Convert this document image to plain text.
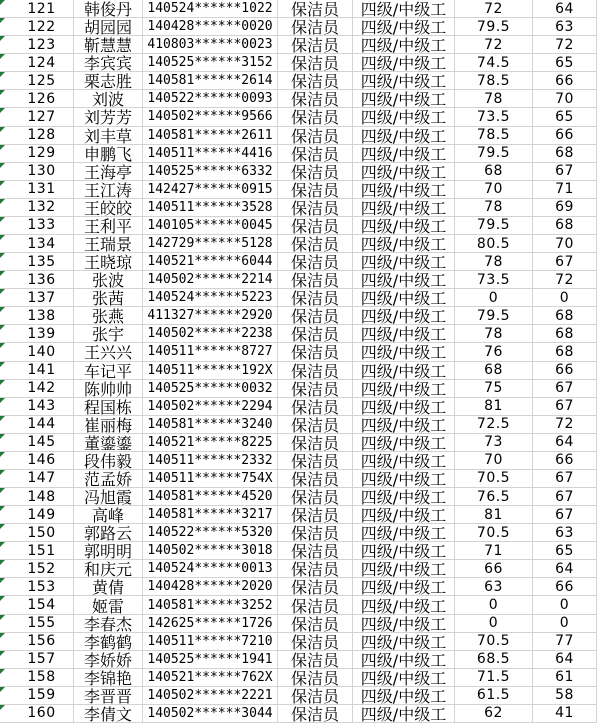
121	韩俊丹	140524******1022	保洁员	四级/中级工	72	64
122	胡园园	140428******0020	保洁员	四级/中级工	79.5	63
123	靳慧慧	410803******0023	保洁员	四级/中级工	72	72
124	李宾宾	140525******3152	保洁员	四级/中级工	74.5	65
125	栗志胜	140581******2614	保洁员	四级/中级工	78.5	66
126	刘波	140522******0093	保洁员	四级/中级工	78	70
127	刘芳芳	140502******9566	保洁员	四级/中级工	73.5	65
128	刘丰草	140581******2611	保洁员	四级/中级工	78.5	66
129	申鹏飞	140511******4416	保洁员	四级/中级工	79.5	68
130	王海亭	140525******6332	保洁员	四级/中级工	68	67
131	王江涛	142427******0915	保洁员	四级/中级工	70	71
132	王皎皎	140511******3528	保洁员	四级/中级工	78	69
133	王利平	140105******0045	保洁员	四级/中级工	79.5	68
134	王瑞景	142729******5128	保洁员	四级/中级工	80.5	70
135	王晓琼	140521******6044	保洁员	四级/中级工	78	67
136	张波	140502******2214	保洁员	四级/中级工	73.5	72
137	张茜	140524******5223	保洁员	四级/中级工	0	0
138	张燕	411327******2920	保洁员	四级/中级工	79.5	68
139	张宇	140502******2238	保洁员	四级/中级工	78	68
140	王兴兴	140511******8727	保洁员	四级/中级工	76	68
141	车记平	140511******192X	保洁员	四级/中级工	68	66
142	陈帅帅	140525******0032	保洁员	四级/中级工	75	67
143	程国栋	140502******2294	保洁员	四级/中级工	81	67
144	崔丽梅	140581******3240	保洁员	四级/中级工	72.5	72
145	董鎏鎏	140521******8225	保洁员	四级/中级工	73	64
146	段伟毅	140511******2332	保洁员	四级/中级工	70	66
147	范孟娇	140511******754X	保洁员	四级/中级工	70.5	67
148	冯旭霞	140581******4520	保洁员	四级/中级工	76.5	67
149	高峰	140581******3217	保洁员	四级/中级工	81	67
150	郭路云	140522******5320	保洁员	四级/中级工	70.5	63
151	郭明明	140502******3018	保洁员	四级/中级工	71	65
152	和庆元	140524******0013	保洁员	四级/中级工	66	64
153	黄倩	140428******2020	保洁员	四级/中级工	63	66
154	姬雷	140581******3252	保洁员	四级/中级工	0	0
155	李春杰	142625******1726	保洁员	四级/中级工	0	0
156	李鹤鹤	140511******7210	保洁员	四级/中级工	70.5	77
157	李娇娇	140525******1941	保洁员	四级/中级工	68.5	64
158	李锦艳	140521******762X	保洁员	四级/中级工	71.5	61
159	李晋晋	140502******2221	保洁员	四级/中级工	61.5	58
160	李倩文	140502******3044	保洁员	四级/中级工	62	41
